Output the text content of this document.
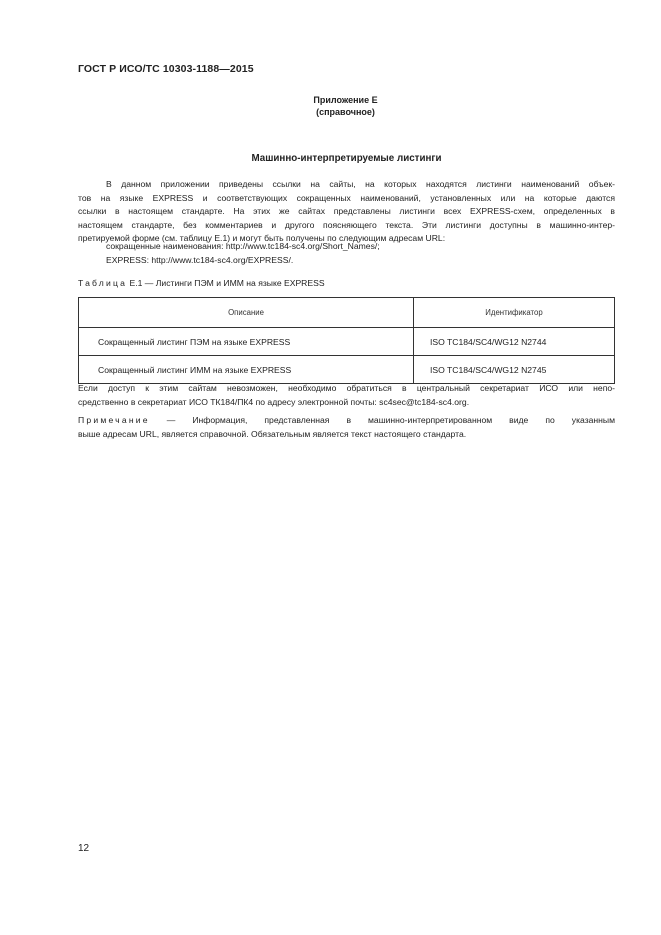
ГОСТ Р ИСО/ТС 10303-1188—2015
Приложение Е
(справочное)
Машинно-интерпретируемые листинги
В данном приложении приведены ссылки на сайты, на которых находятся листинги наименований объек-
тов на языке EXPRESS и соответствующих сокращенных наименований, установленных или на которые даются
ссылки в настоящем стандарте. На этих же сайтах представлены листинги всех EXPRESS-схем, определенных в
настоящем стандарте, без комментариев и другого поясняющего текста. Эти листинги доступны в машинно-интер-
претируемой форме (см. таблицу Е.1) и могут быть получены по следующим адресам URL:
сокращенные наименования: http://www.tc184-sc4.org/Short_Names/;
EXPRESS: http://www.tc184-sc4.org/EXPRESS/.
Таблица Е.1 — Листинги ПЭМ и ИММ на языке EXPRESS
Описание	Идентификатор
Сокращенный листинг ПЭМ на языке EXPRESS	ISO TC184/SC4/WG12 N2744
Сокращенный листинг ИММ на языке EXPRESS	ISO TC184/SC4/WG12 N2745
Если доступ к этим сайтам невозможен, необходимо обратиться в центральный секретариат ИСО или непо-
средственно в секретариат ИСО ТК184/ПК4 по адресу электронной почты: sc4sec@tc184-sc4.org.
Примечание — Информация, представленная в машинно-интерпретированном виде по указанным
выше адресам URL, является справочной. Обязательным является текст настоящего стандарта.
12
